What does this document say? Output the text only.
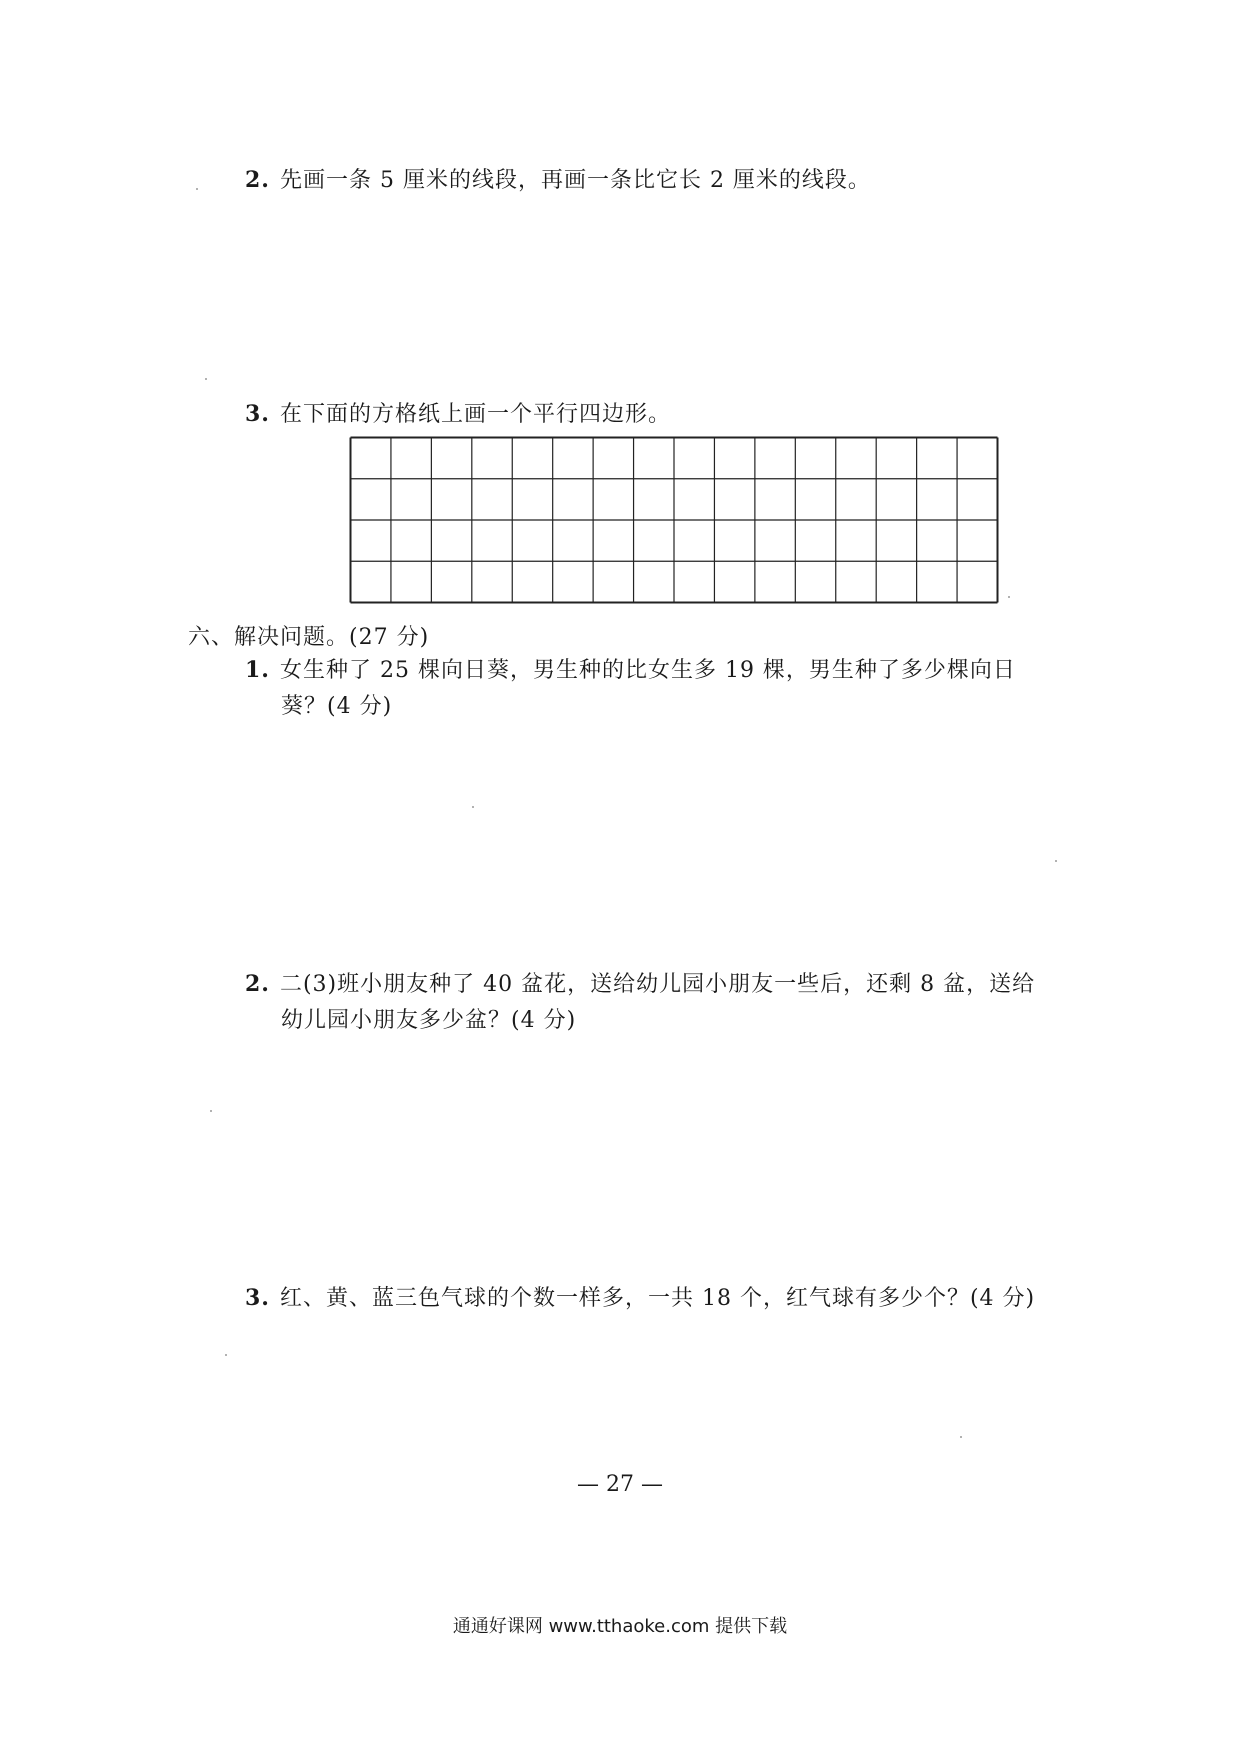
2. 先画一条 5 厘米的线段，再画一条比它长 2 厘米的线段。
3. 在下面的方格纸上画一个平行四边形。
六、解决问题。(27 分)
1. 女生种了 25 棵向日葵，男生种的比女生多 19 棵，男生种了多少棵向日
葵？(4 分)
2. 二(3)班小朋友种了 40 盆花，送给幼儿园小朋友一些后，还剩 8 盆，送给
幼儿园小朋友多少盆？(4 分)
3. 红、黄、蓝三色气球的个数一样多，一共 18 个，红气球有多少个？(4 分)
— 27 —
通通好课网 www.tthaoke.com 提供下载
